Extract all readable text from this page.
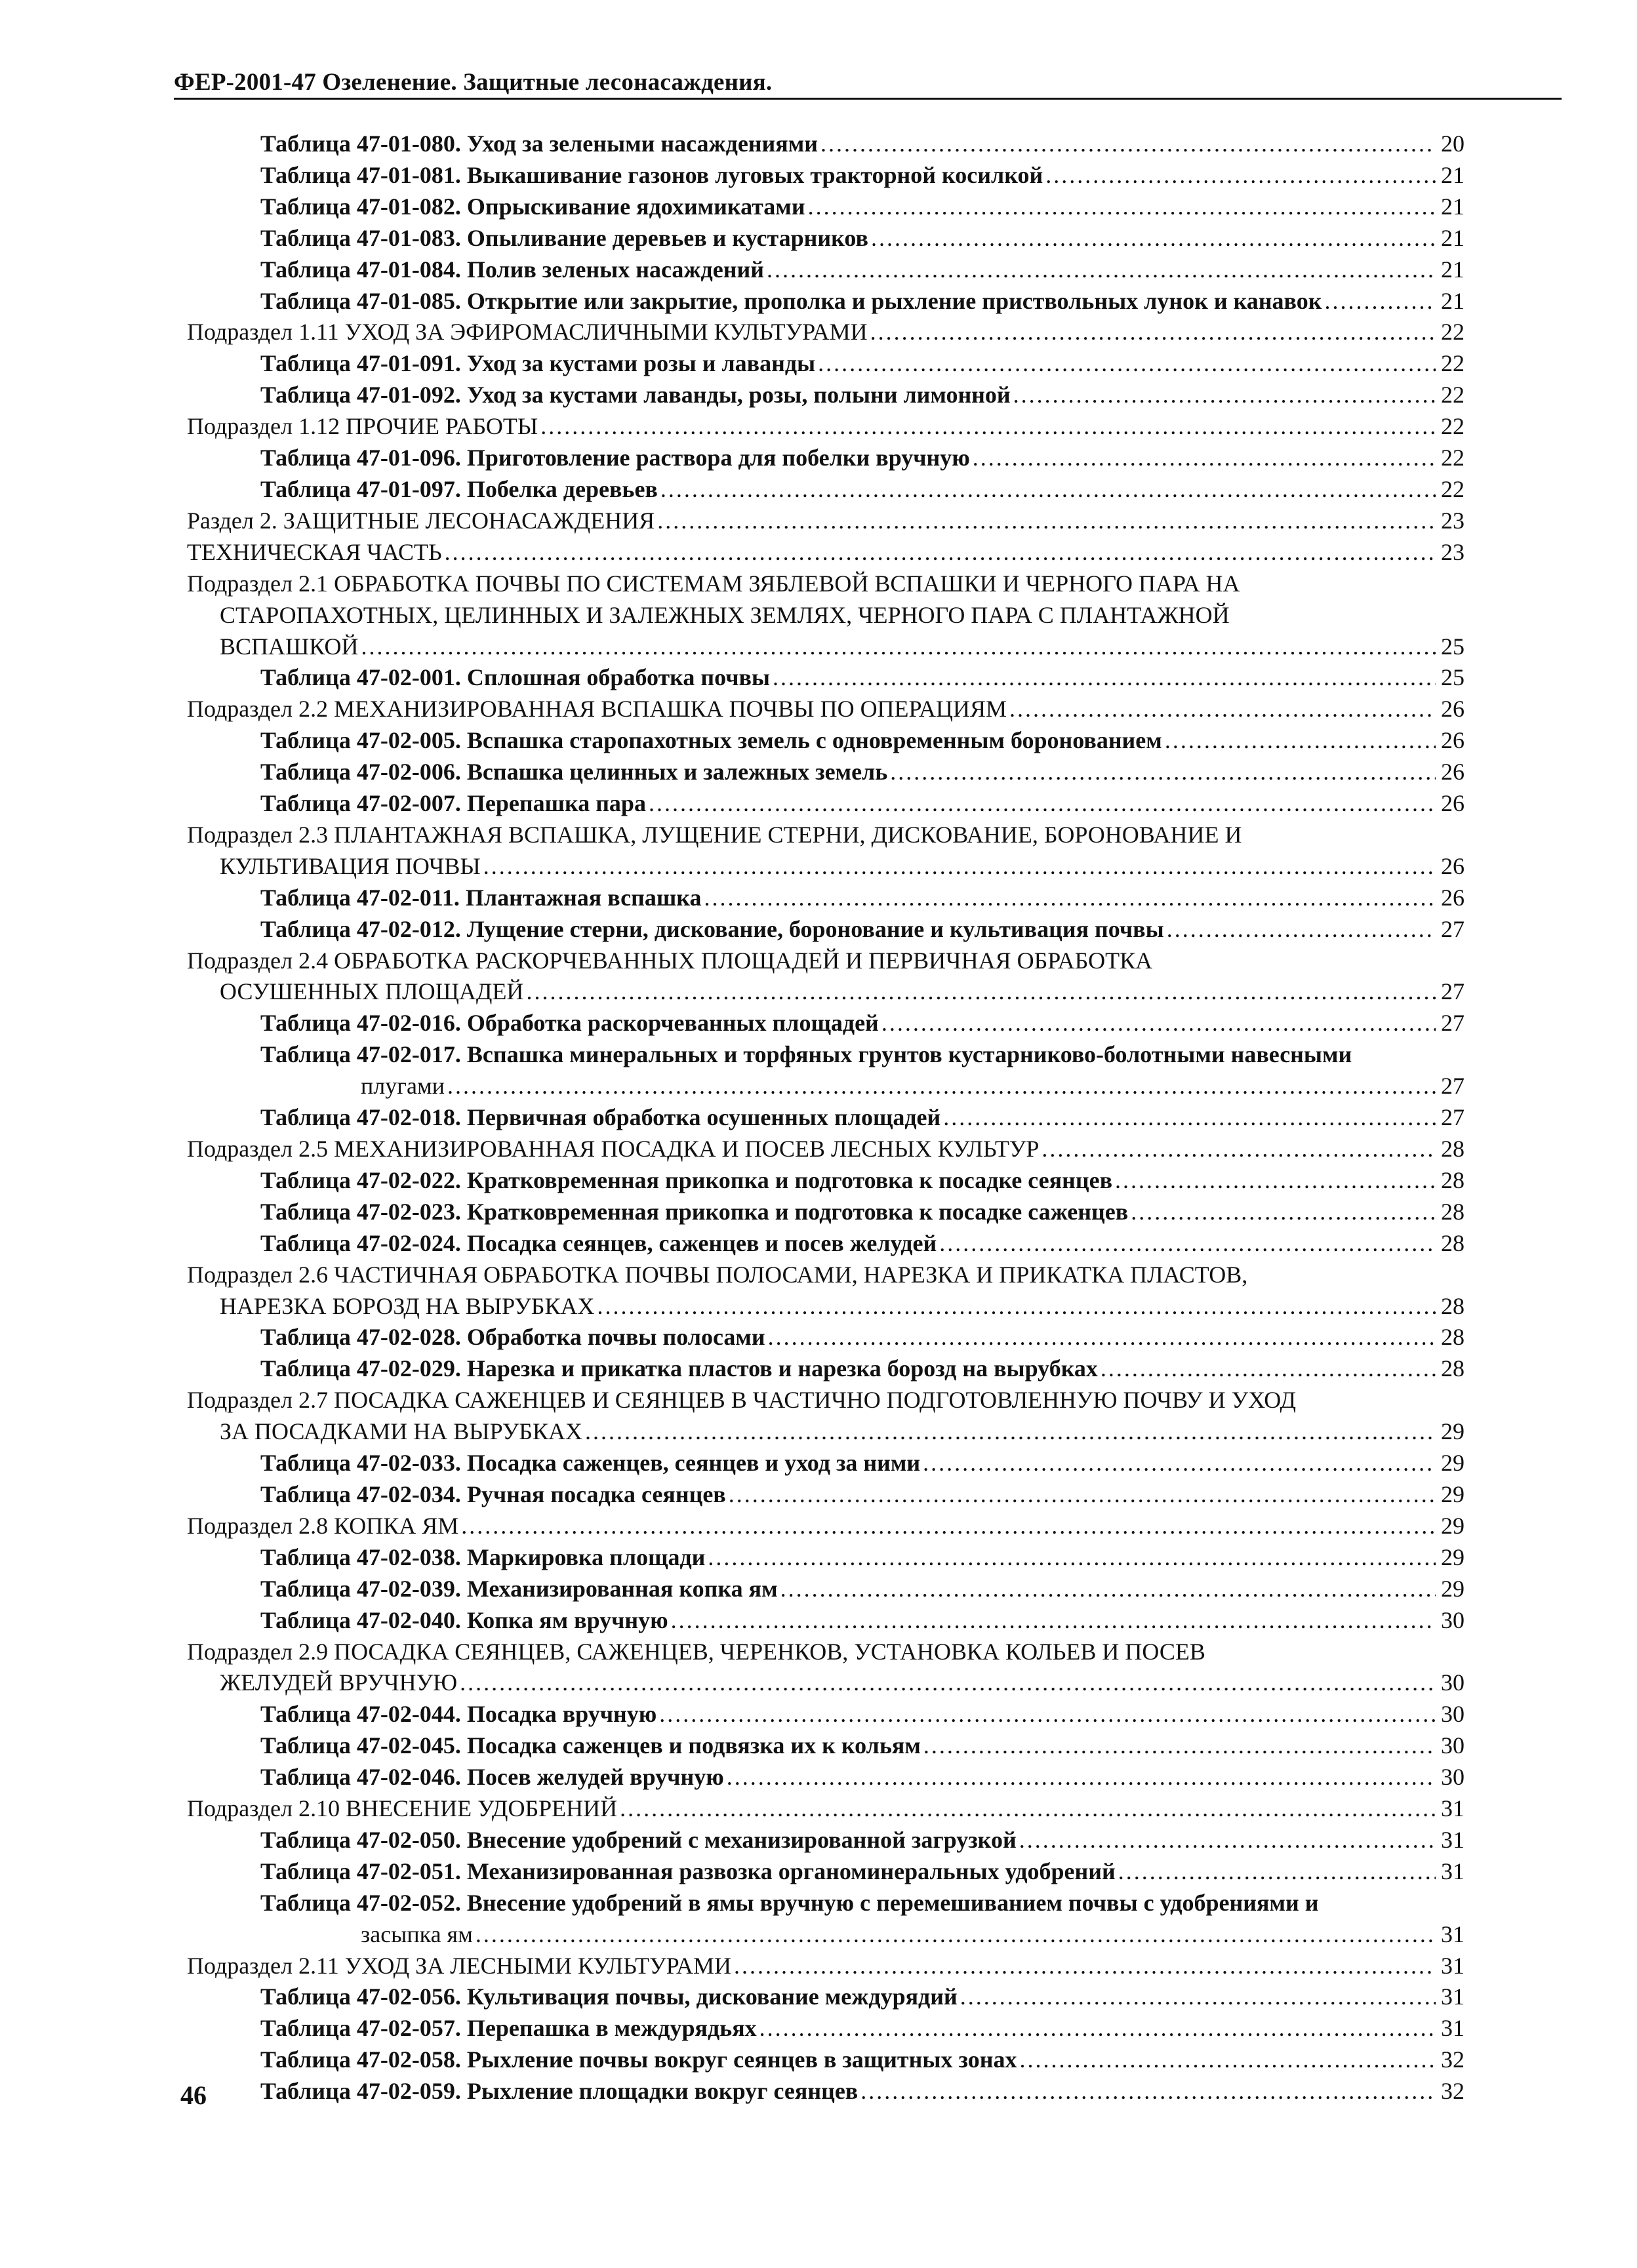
ФЕР-2001-47 Озеленение. Защитные лесонасаждения.
Таблица 47-01-080. Уход за зелеными насаждениями .....	20
Таблица 47-01-081. Выкашивание газонов луговых тракторной косилкой .....	21
Таблица 47-01-082. Опрыскивание ядохимикатами .....	21
Таблица 47-01-083. Опыливание деревьев и кустарников .....	21
Таблица 47-01-084. Полив зеленых насаждений .....	21
Таблица 47-01-085. Открытие или закрытие, прополка и рыхление приствольных лунок и канавок .....	21
Подраздел 1.11 УХОД ЗА ЭФИРОМАСЛИЧНЫМИ КУЛЬТУРАМИ .....	22
Таблица 47-01-091. Уход за кустами розы и лаванды .....	22
Таблица 47-01-092. Уход за кустами лаванды, розы, полыни лимонной .....	22
Подраздел 1.12 ПРОЧИЕ РАБОТЫ .....	22
Таблица 47-01-096. Приготовление раствора для побелки вручную .....	22
Таблица 47-01-097. Побелка деревьев .....	22
Раздел 2. ЗАЩИТНЫЕ ЛЕСОНАСАЖДЕНИЯ .....	23
ТЕХНИЧЕСКАЯ ЧАСТЬ .....	23
Подраздел 2.1 ОБРАБОТКА ПОЧВЫ ПО СИСТЕМАМ ЗЯБЛЕВОЙ ВСПАШКИ И ЧЕРНОГО ПАРА НА
СТАРОПАХОТНЫХ, ЦЕЛИННЫХ И ЗАЛЕЖНЫХ ЗЕМЛЯХ, ЧЕРНОГО ПАРА С ПЛАНТАЖНОЙ
ВСПАШКОЙ .....	25
Таблица 47-02-001. Сплошная обработка почвы .....	25
Подраздел 2.2 МЕХАНИЗИРОВАННАЯ ВСПАШКА ПОЧВЫ ПО ОПЕРАЦИЯМ .....	26
Таблица 47-02-005. Вспашка старопахотных земель с одновременным боронованием .....	26
Таблица 47-02-006. Вспашка целинных и залежных земель .....	26
Таблица 47-02-007. Перепашка пара .....	26
Подраздел 2.3 ПЛАНТАЖНАЯ ВСПАШКА, ЛУЩЕНИЕ СТЕРНИ, ДИСКОВАНИЕ, БОРОНОВАНИЕ И
КУЛЬТИВАЦИЯ ПОЧВЫ .....	26
Таблица 47-02-011. Плантажная вспашка .....	26
Таблица 47-02-012. Лущение стерни, дискование, боронование и культивация почвы .....	27
Подраздел 2.4 ОБРАБОТКА РАСКОРЧЕВАННЫХ ПЛОЩАДЕЙ И ПЕРВИЧНАЯ ОБРАБОТКА
ОСУШЕННЫХ ПЛОЩАДЕЙ .....	27
Таблица 47-02-016. Обработка раскорчеванных площадей .....	27
Таблица 47-02-017. Вспашка минеральных и торфяных грунтов кустарниково-болотными навесными
плугами .....	27
Таблица 47-02-018. Первичная обработка осушенных площадей .....	27
Подраздел 2.5 МЕХАНИЗИРОВАННАЯ ПОСАДКА И ПОСЕВ ЛЕСНЫХ КУЛЬТУР .....	28
Таблица 47-02-022. Кратковременная прикопка и подготовка к посадке сеянцев .....	28
Таблица 47-02-023. Кратковременная прикопка и подготовка к посадке саженцев .....	28
Таблица 47-02-024. Посадка сеянцев, саженцев и посев желудей .....	28
Подраздел 2.6 ЧАСТИЧНАЯ ОБРАБОТКА ПОЧВЫ ПОЛОСАМИ, НАРЕЗКА И ПРИКАТКА ПЛАСТОВ,
НАРЕЗКА БОРОЗД НА ВЫРУБКАХ .....	28
Таблица 47-02-028. Обработка почвы полосами .....	28
Таблица 47-02-029. Нарезка и прикатка пластов и нарезка борозд на вырубках .....	28
Подраздел 2.7 ПОСАДКА САЖЕНЦЕВ И СЕЯНЦЕВ В ЧАСТИЧНО ПОДГОТОВЛЕННУЮ ПОЧВУ И УХОД
ЗА ПОСАДКАМИ НА ВЫРУБКАХ .....	29
Таблица 47-02-033. Посадка саженцев, сеянцев и уход за ними .....	29
Таблица 47-02-034. Ручная посадка сеянцев .....	29
Подраздел 2.8 КОПКА ЯМ .....	29
Таблица 47-02-038. Маркировка площади .....	29
Таблица 47-02-039. Механизированная копка ям .....	29
Таблица 47-02-040. Копка ям вручную .....	30
Подраздел 2.9 ПОСАДКА СЕЯНЦЕВ, САЖЕНЦЕВ, ЧЕРЕНКОВ, УСТАНОВКА КОЛЬЕВ И ПОСЕВ
ЖЕЛУДЕЙ ВРУЧНУЮ .....	30
Таблица 47-02-044. Посадка вручную .....	30
Таблица 47-02-045. Посадка саженцев и подвязка их к кольям .....	30
Таблица 47-02-046. Посев желудей вручную .....	30
Подраздел 2.10 ВНЕСЕНИЕ УДОБРЕНИЙ .....	31
Таблица 47-02-050. Внесение удобрений с механизированной загрузкой .....	31
Таблица 47-02-051. Механизированная развозка органоминеральных удобрений .....	31
Таблица 47-02-052. Внесение удобрений в ямы вручную с перемешиванием почвы с удобрениями и
засыпка ям .....	31
Подраздел 2.11 УХОД ЗА ЛЕСНЫМИ КУЛЬТУРАМИ .....	31
Таблица 47-02-056. Культивация почвы, дискование междурядий .....	31
Таблица 47-02-057. Перепашка в междурядьях .....	31
Таблица 47-02-058. Рыхление почвы вокруг сеянцев в защитных зонах .....	32
Таблица 47-02-059. Рыхление площадки вокруг сеянцев .....	32
46
